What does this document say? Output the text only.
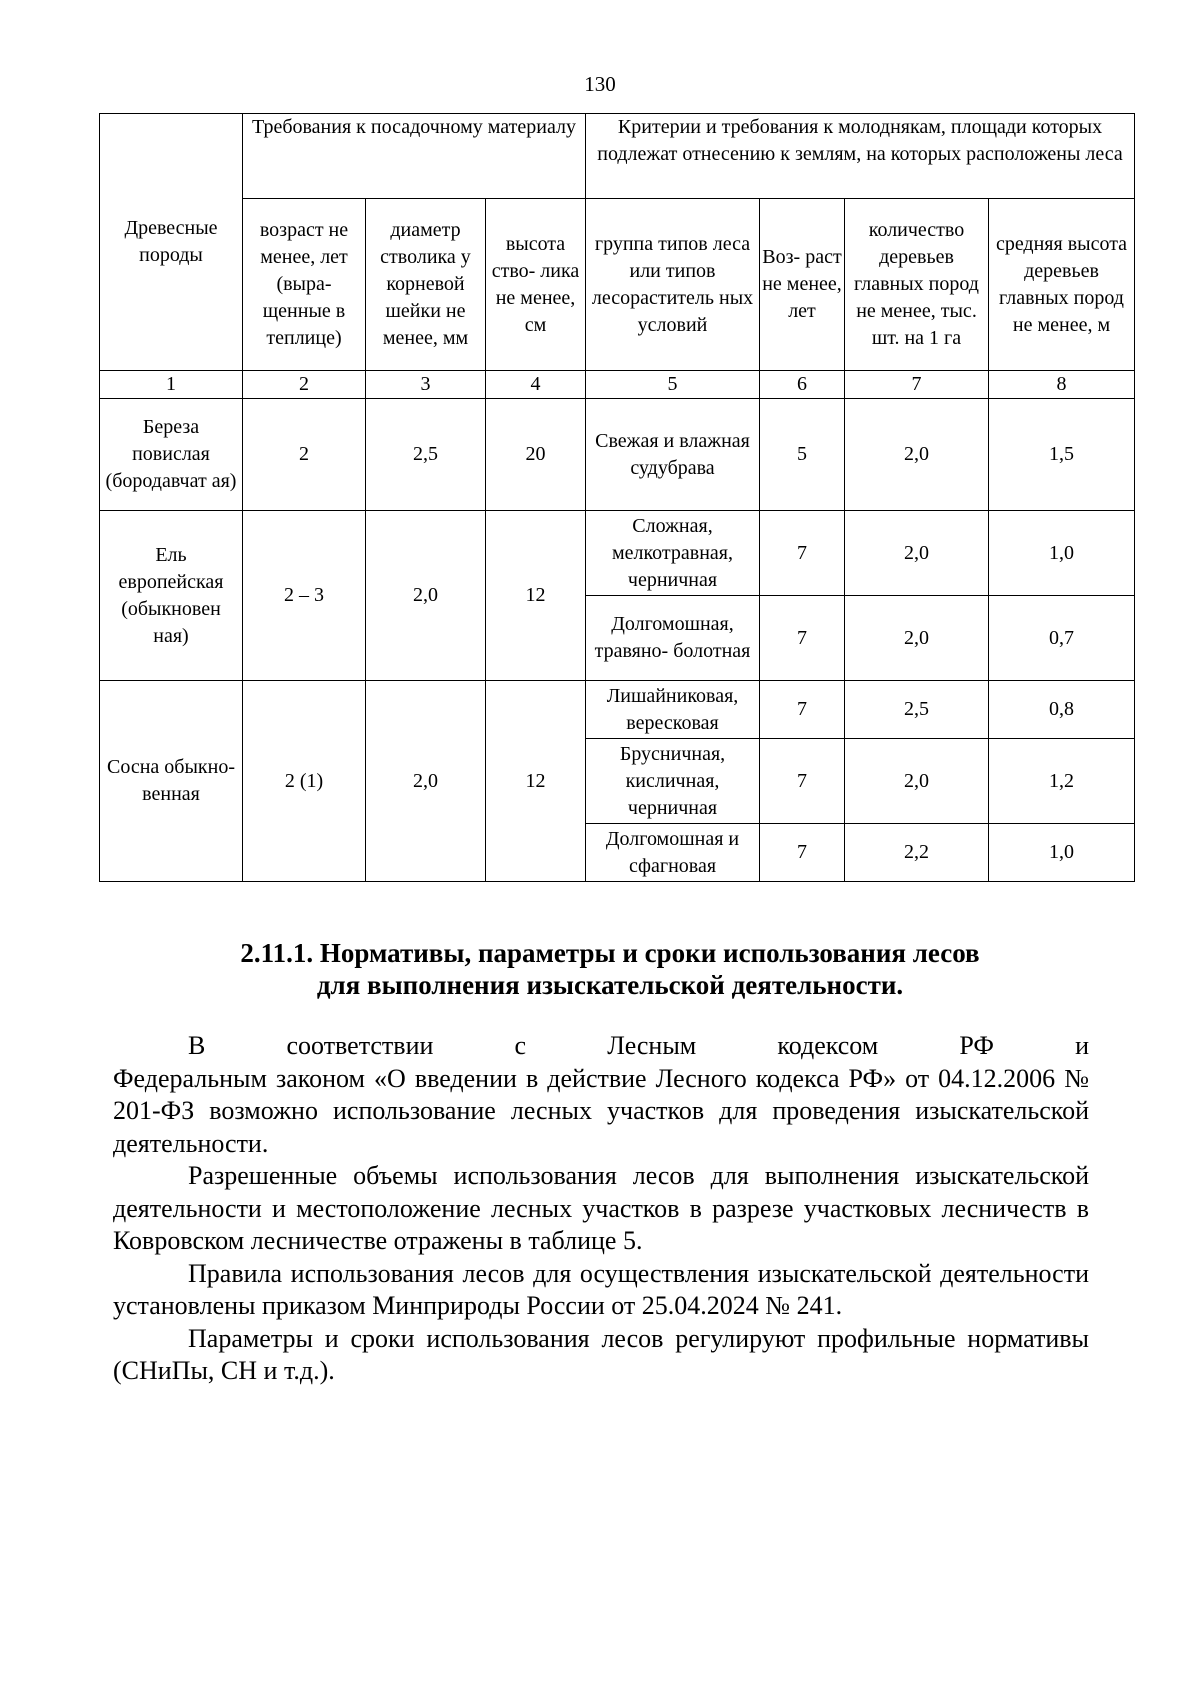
130
Древесные породы	Требования к посадочному материалу			Критерии и требования к молоднякам, площади которых подлежат отнесению к землям, на которых расположены леса			
	возраст не менее, лет (выра- щенные в теплице)	диаметр стволика у корневой шейки не менее, мм	высота ство- лика не менее, см	группа типов леса или типов лесораститель ных условий	Воз- раст не менее, лет	количество деревьев главных пород не менее, тыс. шт. на 1 га	средняя высота деревьев главных пород не менее, м
1	2	3	4	5	6	7	8
Береза повислая (бородавчат ая)	2	2,5	20	Свежая и влажная судубрава	5	2,0	1,5
Ель европейская (обыкновен ная)	2 – 3	2,0	12	Сложная, мелкотравная, черничная	7	2,0	1,0
				Долгомошная, травяно- болотная	7	2,0	0,7
Сосна обыкно- венная	2 (1)	2,0	12	Лишайниковая, вересковая	7	2,5	0,8
				Брусничная, кисличная, черничная	7	2,0	1,2
				Долгомошная и сфагновая	7	2,2	1,0
2.11.1. Нормативы, параметры и сроки использования лесов
для выполнения изыскательской деятельности.

В соответствии с Лесным кодексом РФ и

Федеральным законом «О введении в действие Лесного кодекса РФ» от 04.12.2006 № 201-ФЗ возможно использование лесных участков для проведения изыскательской деятельности.

Разрешенные объемы использования лесов для выполнения изыскательской деятельности и местоположение лесных участков в разрезе участковых лесничеств в Ковровском лесничестве отражены в таблице 5.

Правила использования лесов для осуществления изыскательской деятельности установлены приказом Минприроды России от 25.04.2024 № 241.

Параметры и сроки использования лесов регулируют профильные нормативы (СНиПы, СН и т.д.).
